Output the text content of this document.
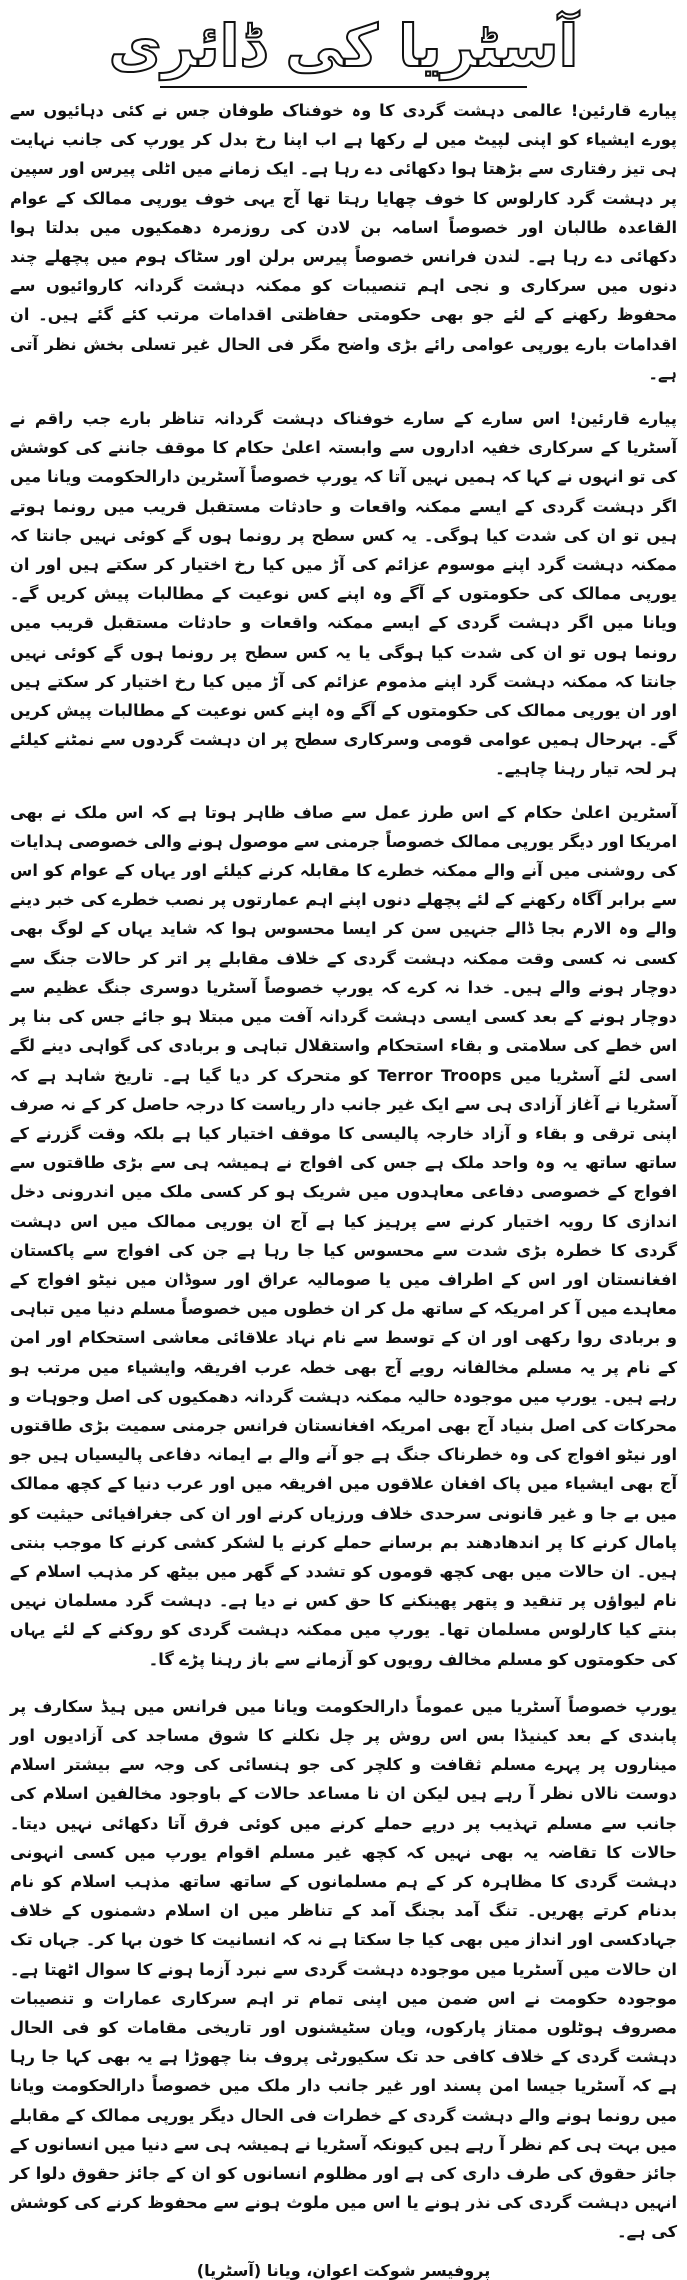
آسٹریا کی ڈائری

پیارے قارئین! عالمی دہشت گردی کا وہ خوفناک طوفان جس نے کئی دہائیوں سے پورے ایشیاء کو اپنی لپیٹ میں لے رکھا ہے اب اپنا رخ بدل کر یورپ کی جانب نہایت ہی تیز رفتاری سے بڑھتا ہوا دکھائی دے رہا ہے۔ ایک زمانے میں اٹلی پیرس اور سپین پر دہشت گرد کارلوس کا خوف چھایا رہتا تھا آج یہی خوف یورپی ممالک کے عوام القاعدہ طالبان اور خصوصاً اسامہ بن لادن کی روزمرہ دھمکیوں میں بدلتا ہوا دکھائی دے رہا ہے۔ لندن فرانس خصوصاً پیرس برلن اور سٹاک ہوم میں پچھلے چند دنوں میں سرکاری و نجی اہم تنصیبات کو ممکنہ دہشت گردانہ کاروائیوں سے محفوظ رکھنے کے لئے جو بھی حکومتی حفاظتی اقدامات مرتب کئے گئے ہیں۔ ان اقدامات بارے یورپی عوامی رائے بڑی واضح مگر فی الحال غیر تسلی بخش نظر آتی ہے۔

پیارے قارئین! اس سارے کے سارے خوفناک دہشت گردانہ تناظر بارے جب راقم نے آسٹریا کے سرکاری خفیہ اداروں سے وابستہ اعلیٰ حکام کا موقف جاننے کی کوشش کی تو انہوں نے کہا کہ ہمیں نہیں آتا کہ یورپ خصوصاً آسٹرین دارالحکومت ویانا میں اگر دہشت گردی کے ایسے ممکنہ واقعات و حادثات مستقبل قریب میں رونما ہوتے ہیں تو ان کی شدت کیا ہوگی۔ یہ کس سطح پر رونما ہوں گے کوئی نہیں جانتا کہ ممکنہ دہشت گرد اپنے موسوم عزائم کی آڑ میں کیا رخ اختیار کر سکتے ہیں اور ان یورپی ممالک کی حکومتوں کے آگے وہ اپنے کس نوعیت کے مطالبات پیش کریں گے۔ ویانا میں اگر دہشت گردی کے ایسے ممکنہ واقعات و حادثات مستقبل قریب میں رونما ہوں تو ان کی شدت کیا ہوگی یا یہ کس سطح پر رونما ہوں گے کوئی نہیں جانتا کہ ممکنہ دہشت گرد اپنے مذموم عزائم کی آڑ میں کیا رخ اختیار کر سکتے ہیں اور ان یورپی ممالک کی حکومتوں کے آگے وہ اپنے کس نوعیت کے مطالبات پیش کریں گے۔ بہرحال ہمیں عوامی قومی وسرکاری سطح پر ان دہشت گردوں سے نمٹنے کیلئے ہر لحہ تیار رہنا چاہیے۔

آسٹرین اعلیٰ حکام کے اس طرز عمل سے صاف ظاہر ہوتا ہے کہ اس ملک نے بھی امریکا اور دیگر یورپی ممالک خصوصاً جرمنی سے موصول ہونے والی خصوصی ہدایات کی روشنی میں آنے والے ممکنہ خطرے کا مقابلہ کرنے کیلئے اور یہاں کے عوام کو اس سے برابر آگاہ رکھنے کے لئے پچھلے دنوں اپنے اہم عمارتوں پر نصب خطرے کی خبر دینے والے وہ الارم بجا ڈالے جنہیں سن کر ایسا محسوس ہوا کہ شاید یہاں کے لوگ بھی کسی نہ کسی وقت ممکنہ دہشت گردی کے خلاف مقابلے پر اتر کر حالات جنگ سے دوچار ہونے والے ہیں۔ خدا نہ کرے کہ یورپ خصوصاً آسٹریا دوسری جنگ عظیم سے دوچار ہونے کے بعد کسی ایسی دہشت گردانہ آفت میں مبتلا ہو جائے جس کی بنا پر اس خطے کی سلامتی و بقاء استحکام واستقلال تباہی و بربادی کی گواہی دینے لگے اسی لئے آسٹریا میں Terror Troops کو متحرک کر دیا گیا ہے۔ تاریخ شاہد ہے کہ آسٹریا نے آغاز آزادی ہی سے ایک غیر جانب دار ریاست کا درجہ حاصل کر کے نہ صرف اپنی ترقی و بقاء و آزاد خارجہ پالیسی کا موقف اختیار کیا ہے بلکہ وقت گزرنے کے ساتھ ساتھ یہ وہ واحد ملک ہے جس کی افواج نے ہمیشہ ہی سے بڑی طاقتوں سے افواج کے خصوصی دفاعی معاہدوں میں شریک ہو کر کسی ملک میں اندرونی دخل اندازی کا رویہ اختیار کرنے سے پرہیز کیا ہے آج ان یورپی ممالک میں اس دہشت گردی کا خطرہ بڑی شدت سے محسوس کیا جا رہا ہے جن کی افواج سے پاکستان افغانستان اور اس کے اطراف میں یا صومالیہ عراق اور سوڈان میں نیٹو افواج کے معاہدے میں آ کر امریکہ کے ساتھ مل کر ان خطوں میں خصوصاً مسلم دنیا میں تباہی و بربادی روا رکھی اور ان کے توسط سے نام نہاد علاقائی معاشی استحکام اور امن کے نام پر یہ مسلم مخالفانہ رویے آج بھی خطہ عرب افریقہ وایشیاء میں مرتب ہو رہے ہیں۔ یورپ میں موجودہ حالیہ ممکنہ دہشت گردانہ دھمکیوں کی اصل وجوہات و محرکات کی اصل بنیاد آج بھی امریکہ افغانستان فرانس جرمنی سمیت بڑی طاقتوں اور نیٹو افواج کی وہ خطرناک جنگ ہے جو آنے والے بے ایمانہ دفاعی پالیسیاں ہیں جو آج بھی ایشیاء میں پاک افغان علاقوں میں افریقہ میں اور عرب دنیا کے کچھ ممالک میں بے جا و غیر قانونی سرحدی خلاف ورزیاں کرنے اور ان کی جغرافیائی حیثیت کو پامال کرنے کا پر اندھادھند بم برسانے حملے کرنے یا لشکر کشی کرنے کا موجب بنتی ہیں۔ ان حالات میں بھی کچھ قوموں کو تشدد کے گھر میں بیٹھ کر مذہب اسلام کے نام لیواؤں پر تنقید و پتھر پھینکنے کا حق کس نے دیا ہے۔ دہشت گرد مسلمان نہیں بنتے کیا کارلوس مسلمان تھا۔ یورپ میں ممکنہ دہشت گردی کو روکنے کے لئے یہاں کی حکومتوں کو مسلم مخالف رویوں کو آزمانے سے باز رہنا پڑے گا۔

یورپ خصوصاً آسٹریا میں عموماً دارالحکومت ویانا میں فرانس میں ہیڈ سکارف پر پابندی کے بعد کینیڈا بس اس روش پر چل نکلنے کا شوق مساجد کی آزادیوں اور میناروں پر پہرے مسلم ثقافت و کلچر کی جو ہنسائی کی وجہ سے بیشتر اسلام دوست نالاں نظر آ رہے ہیں لیکن ان نا مساعد حالات کے باوجود مخالفین اسلام کی جانب سے مسلم تہذیب پر درپے حملے کرنے میں کوئی فرق آتا دکھائی نہیں دیتا۔ حالات کا تقاضہ یہ بھی نہیں کہ کچھ غیر مسلم اقوام یورپ میں کسی انہونی دہشت گردی کا مظاہرہ کر کے ہم مسلمانوں کے ساتھ ساتھ مذہب اسلام کو نام بدنام کرتے پھریں۔ تنگ آمد بجنگ آمد کے تناظر میں ان اسلام دشمنوں کے خلاف جہادکسی اور انداز میں بھی کیا جا سکتا ہے نہ کہ انسانیت کا خون بہا کر۔ جہاں تک ان حالات میں آسٹریا میں موجودہ دہشت گردی سے نبرد آزما ہونے کا سوال اٹھتا ہے۔ موجودہ حکومت نے اس ضمن میں اپنی تمام تر اہم سرکاری عمارات و تنصیبات مصروف ہوٹلوں ممتاز پارکوں، ویان سٹیشنوں اور تاریخی مقامات کو فی الحال دہشت گردی کے خلاف کافی حد تک سکیورٹی پروف بنا چھوڑا ہے یہ بھی کہا جا رہا ہے کہ آسٹریا جیسا امن پسند اور غیر جانب دار ملک میں خصوصاً دارالحکومت ویانا میں رونما ہونے والے دہشت گردی کے خطرات فی الحال دیگر یورپی ممالک کے مقابلے میں بہت ہی کم نظر آ رہے ہیں کیونکہ آسٹریا نے ہمیشہ ہی سے دنیا میں انسانوں کے جائز حقوق کی طرف داری کی ہے اور مظلوم انسانوں کو ان کے جائز حقوق دلوا کر انہیں دہشت گردی کی نذر ہونے یا اس میں ملوث ہونے سے محفوظ کرنے کی کوشش کی ہے۔

پروفیسر شوکت اعوان، ویانا (آسٹریا)
